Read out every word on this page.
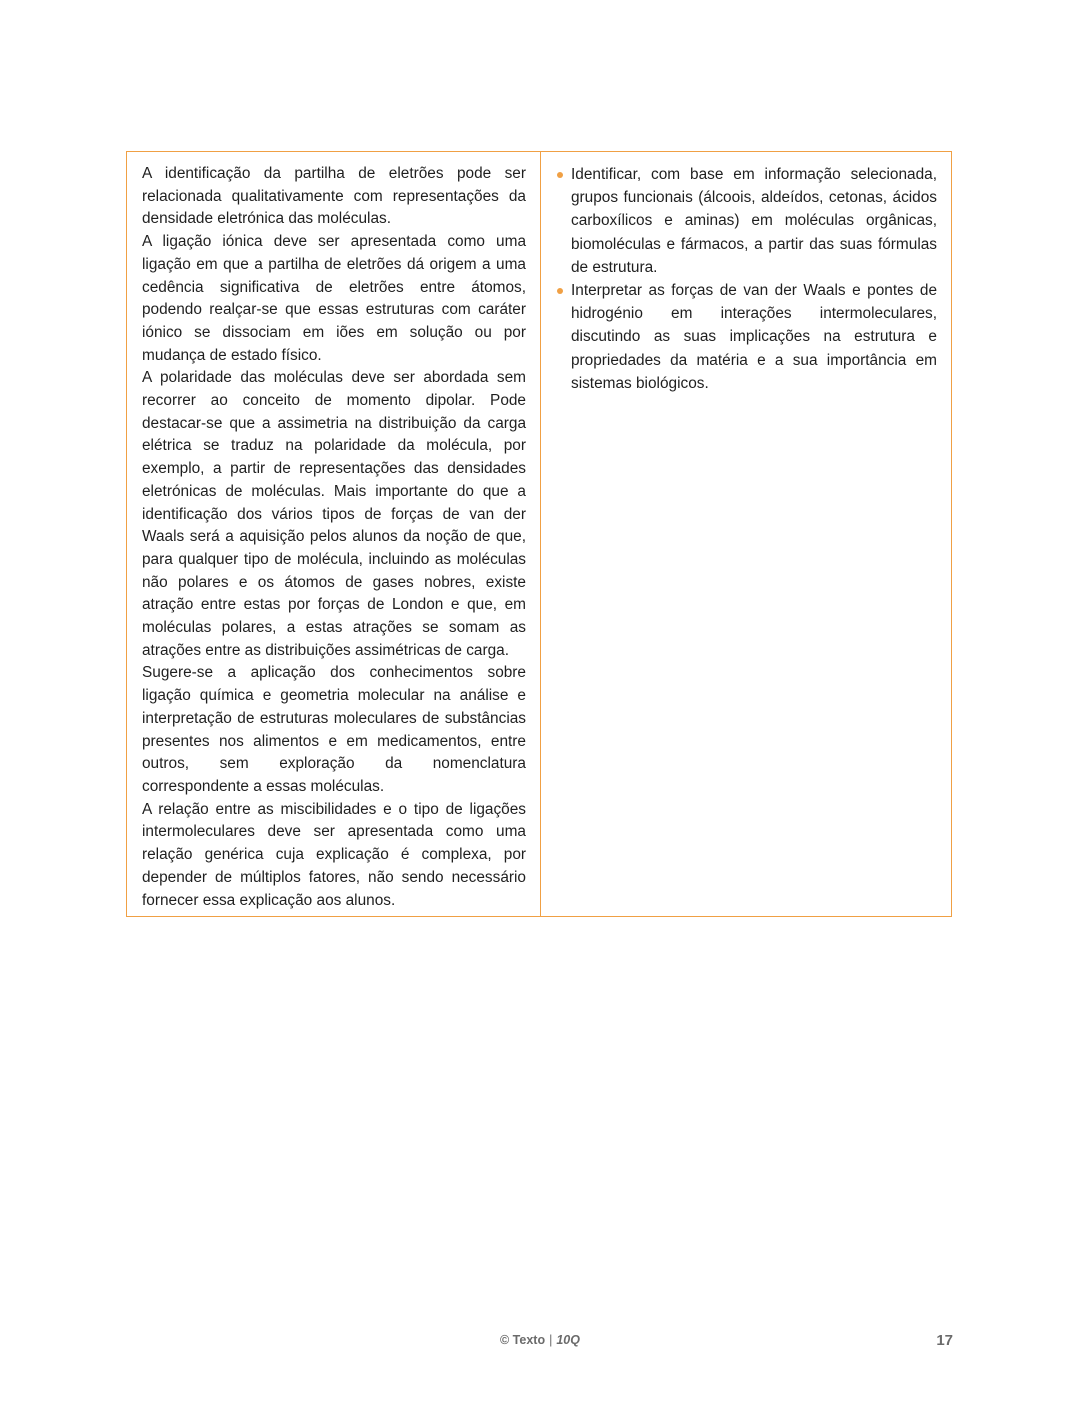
A identificação da partilha de eletrões pode ser relacionada qualitativamente com representações da densidade eletrónica das moléculas.

A ligação iónica deve ser apresentada como uma ligação em que a partilha de eletrões dá origem a uma cedência significativa de eletrões entre átomos, podendo realçar-se que essas estruturas com caráter iónico se dissociam em iões em solução ou por mudança de estado físico.

A polaridade das moléculas deve ser abordada sem recorrer ao conceito de momento dipolar. Pode destacar-se que a assimetria na distribuição da carga elétrica se traduz na polaridade da molécula, por exemplo, a partir de representações das densidades eletrónicas de moléculas. Mais importante do que a identificação dos vários tipos de forças de van der Waals será a aquisição pelos alunos da noção de que, para qualquer tipo de molécula, incluindo as moléculas não polares e os átomos de gases nobres, existe atração entre estas por forças de London e que, em moléculas polares, a estas atrações se somam as atrações entre as distribuições assimétricas de carga.

Sugere-se a aplicação dos conhecimentos sobre ligação química e geometria molecular na análise e interpretação de estruturas moleculares de substâncias presentes nos alimentos e em medicamentos, entre outros, sem exploração da nomenclatura correspondente a essas moléculas.

A relação entre as miscibilidades e o tipo de ligações intermoleculares deve ser apresentada como uma relação genérica cuja explicação é complexa, por depender de múltiplos fatores, não sendo necessário fornecer essa explicação aos alunos.

Identificar, com base em informação selecionada, grupos funcionais (álcoois, aldeídos, cetonas, ácidos carboxílicos e aminas) em moléculas orgânicas, biomoléculas e fármacos, a partir das suas fórmulas de estrutura.
Interpretar as forças de van der Waals e pontes de hidrogénio em interações intermoleculares, discutindo as suas implicações na estrutura e propriedades da matéria e a sua importância em sistemas biológicos.
© Texto | 10Q	17
